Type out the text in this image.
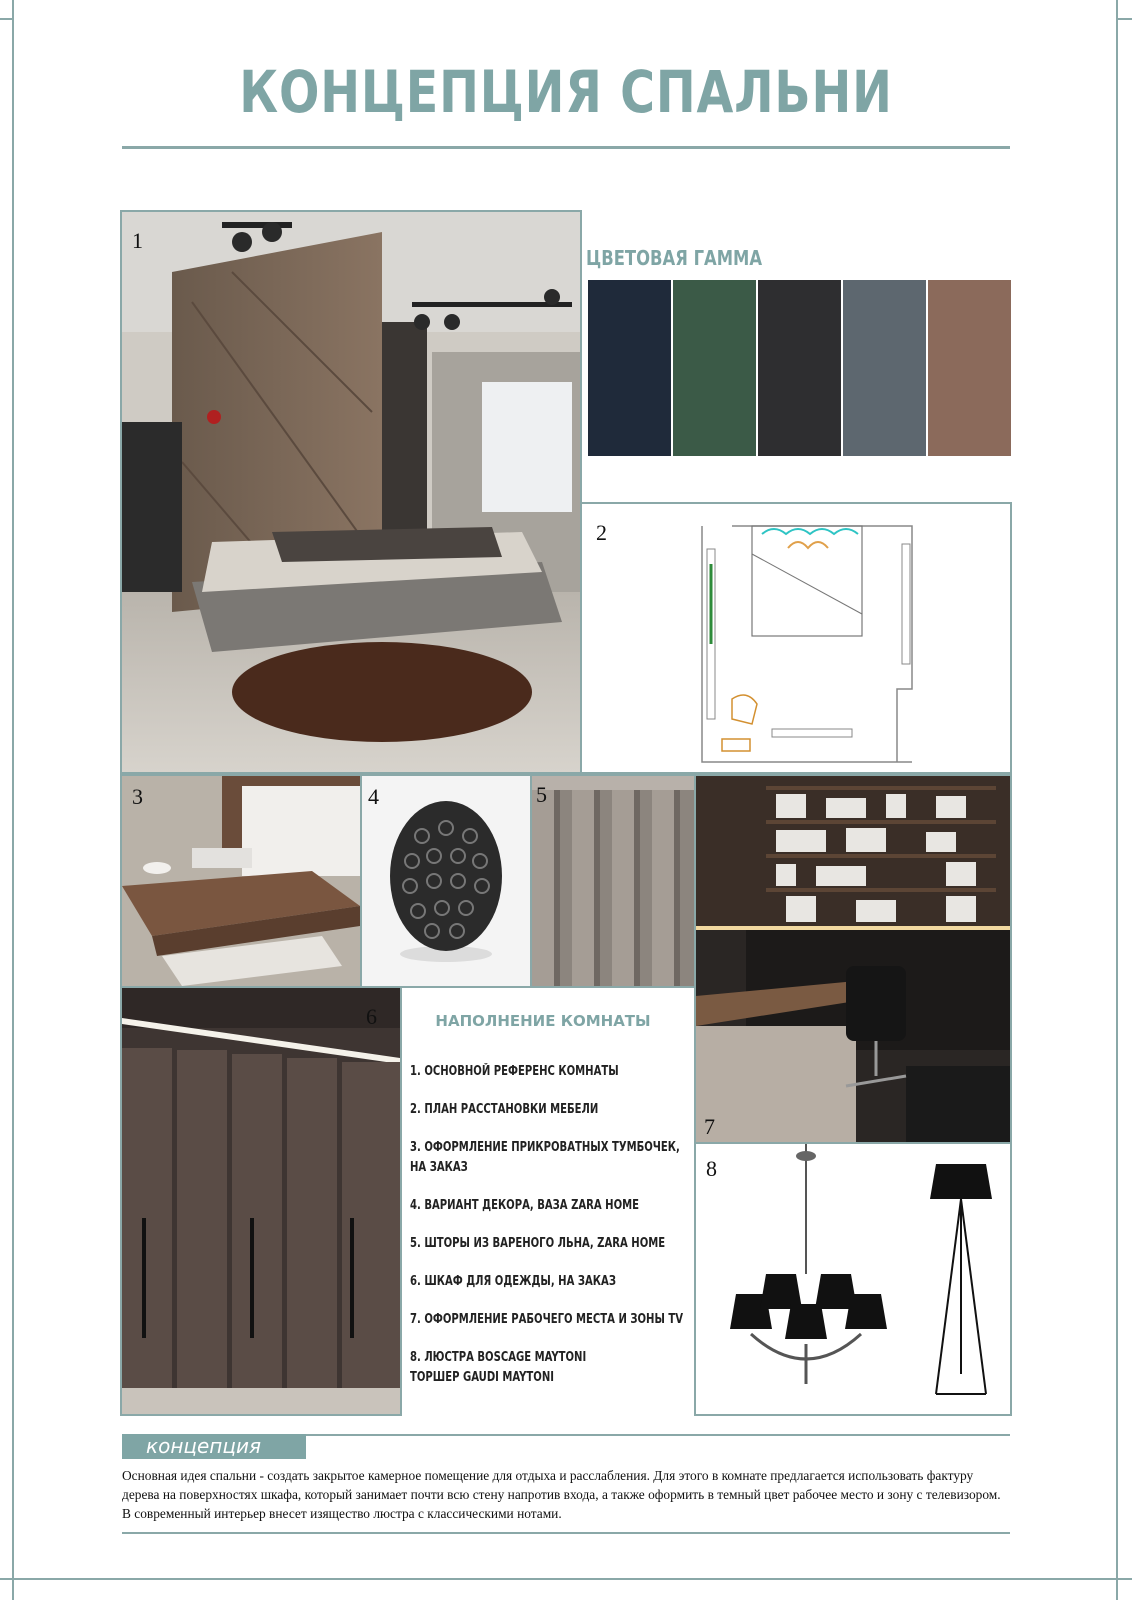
КОНЦЕПЦИЯ СПАЛЬНИ
1
ЦВЕТОВАЯ ГАММА
2
3	4	5
7
6	НАПОЛНЕНИЕ КОМНАТЫ
1. ОСНОВНОЙ РЕФЕРЕНС КОМНАТЫ
2. ПЛАН РАССТАНОВКИ МЕБЕЛИ
3. ОФОРМЛЕНИЕ ПРИКРОВАТНЫХ ТУМБОЧЕК,
НА ЗАКАЗ
4. ВАРИАНТ ДЕКОРА, ВАЗА ZARA HOME
5. ШТОРЫ ИЗ ВАРЕНОГО ЛЬНА, ZARA HOME
6. ШКАФ ДЛЯ ОДЕЖДЫ, НА ЗАКАЗ
7. ОФОРМЛЕНИЕ РАБОЧЕГО МЕСТА И ЗОНЫ TV
8. ЛЮСТРА BOSCAGE MAYTONI
ТОРШЕР GAUDI MAYTONI
8
концепция
Основная идея спальни - создать закрытое камерное помещение для отдыха и расслабления. Для этого в комнате предлагается использовать фактуру дерева на поверхностях шкафа, который занимает почти всю стену напротив входа, а также оформить в темный цвет рабочее место и зону с телевизором. В современный интерьер внесет изящество люстра с классическими нотами.
